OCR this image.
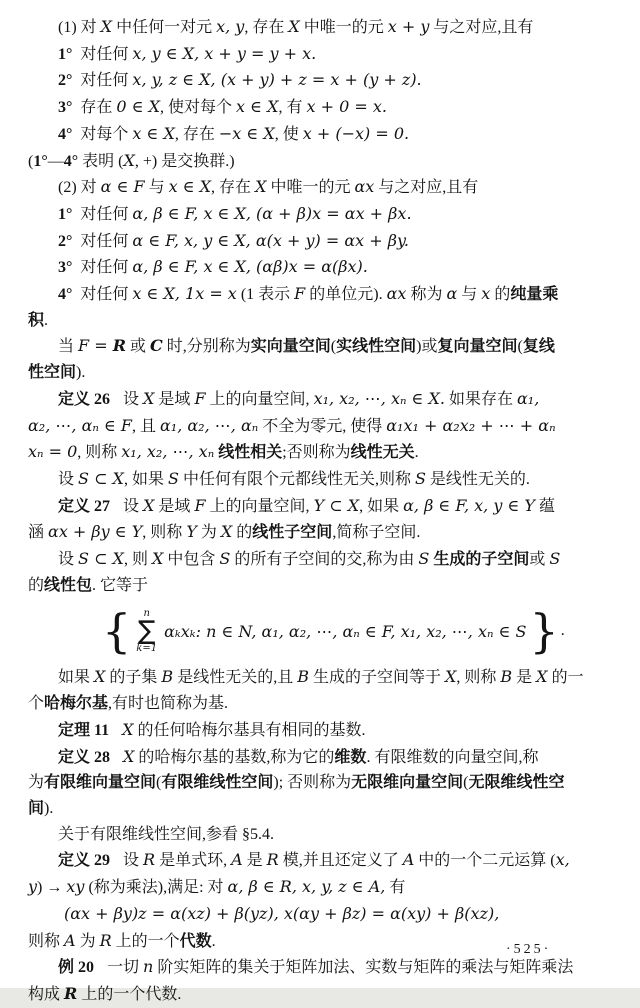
(1) 对 X 中任何一对元 x, y, 存在 X 中唯一的元 x + y 与之对应,且有
1° 对任何 x, y ∈ X, x + y = y + x.
2° 对任何 x, y, z ∈ X, (x + y) + z = x + (y + z).
3° 存在 0 ∈ X, 使对每个 x ∈ X, 有 x + 0 = x.
4° 对每个 x ∈ X, 存在 −x ∈ X, 使 x + (−x) = 0.
(1°—4° 表明 (X, +) 是交换群.)
(2) 对 α ∈ F 与 x ∈ X, 存在 X 中唯一的元 αx 与之对应,且有
1° 对任何 α, β ∈ F, x ∈ X, (α + β)x = αx + βx.
2° 对任何 α ∈ F, x, y ∈ X, α(x + y) = αx + βy.
3° 对任何 α, β ∈ F, x ∈ X, (αβ)x = α(βx).
4° 对任何 x ∈ X, 1x = x (1 表示 F 的单位元). αx 称为 α 与 x 的纯量乘
积.
当 F = R 或 C 时,分别称为实向量空间(实线性空间)或复向量空间(复线
性空间).
定义 26 设 X 是域 F 上的向量空间, x₁, x₂, ⋯, xₙ ∈ X. 如果存在 α₁,
α₂, ⋯, αₙ ∈ F, 且 α₁, α₂, ⋯, αₙ 不全为零元, 使得 α₁x₁ + α₂x₂ + ⋯ + αₙ
xₙ = 0, 则称 x₁, x₂, ⋯, xₙ 线性相关;否则称为线性无关.
设 S ⊂ X, 如果 S 中任何有限个元都线性无关,则称 S 是线性无关的.
定义 27 设 X 是域 F 上的向量空间, Y ⊂ X, 如果 α, β ∈ F, x, y ∈ Y 蕴
涵 αx + βy ∈ Y, 则称 Y 为 X 的线性子空间,简称子空间.
设 S ⊂ X, 则 X 中包含 S 的所有子空间的交,称为由 S 生成的子空间或 S
的线性包. 它等于
{ n
∑
k=1
αₖxₖ: n ∈ N, α₁, α₂, ⋯, αₙ ∈ F, x₁, x₂, ⋯, xₙ ∈ S } .
如果 X 的子集 B 是线性无关的,且 B 生成的子空间等于 X, 则称 B 是 X 的一
个哈梅尔基,有时也简称为基.
定理 11 X 的任何哈梅尔基具有相同的基数.
定义 28 X 的哈梅尔基的基数,称为它的维数. 有限维数的向量空间,称
为有限维向量空间(有限维线性空间); 否则称为无限维向量空间(无限维线性空
间).
关于有限维线性空间,参看 §5.4.
定义 29 设 R 是单式环, A 是 R 模,并且还定义了 A 中的一个二元运算 (x,
y) → xy (称为乘法),满足: 对 α, β ∈ R, x, y, z ∈ A, 有
(αx + βy)z = α(xz) + β(yz), x(αy + βz) = α(xy) + β(xz),
则称 A 为 R 上的一个代数.
例 20 一切 n 阶实矩阵的集关于矩阵加法、实数与矩阵的乘法与矩阵乘法
构成 R 上的一个代数.
·525·
